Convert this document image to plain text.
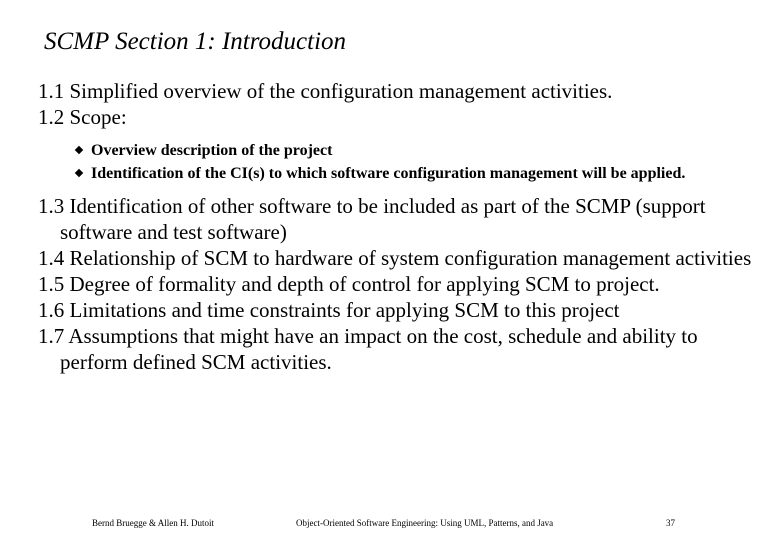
SCMP Section 1: Introduction

1.1 Simplified overview of the configuration management activities.

1.2 Scope:

Overview description of the project
Identification of the CI(s) to which software configuration management will be applied.

1.3 Identification of other software to be included as part of the SCMP (support software and test software)

1.4 Relationship of SCM to hardware of system configuration management activities

1.5 Degree of formality and depth of control for applying SCM to project.

1.6 Limitations and time constraints for applying SCM to this project

1.7 Assumptions that might have an impact on the cost, schedule and ability to perform defined SCM activities.

Bernd Bruegge & Allen H. Dutoit	Object-Oriented Software Engineering: Using UML, Patterns, and Java	37
